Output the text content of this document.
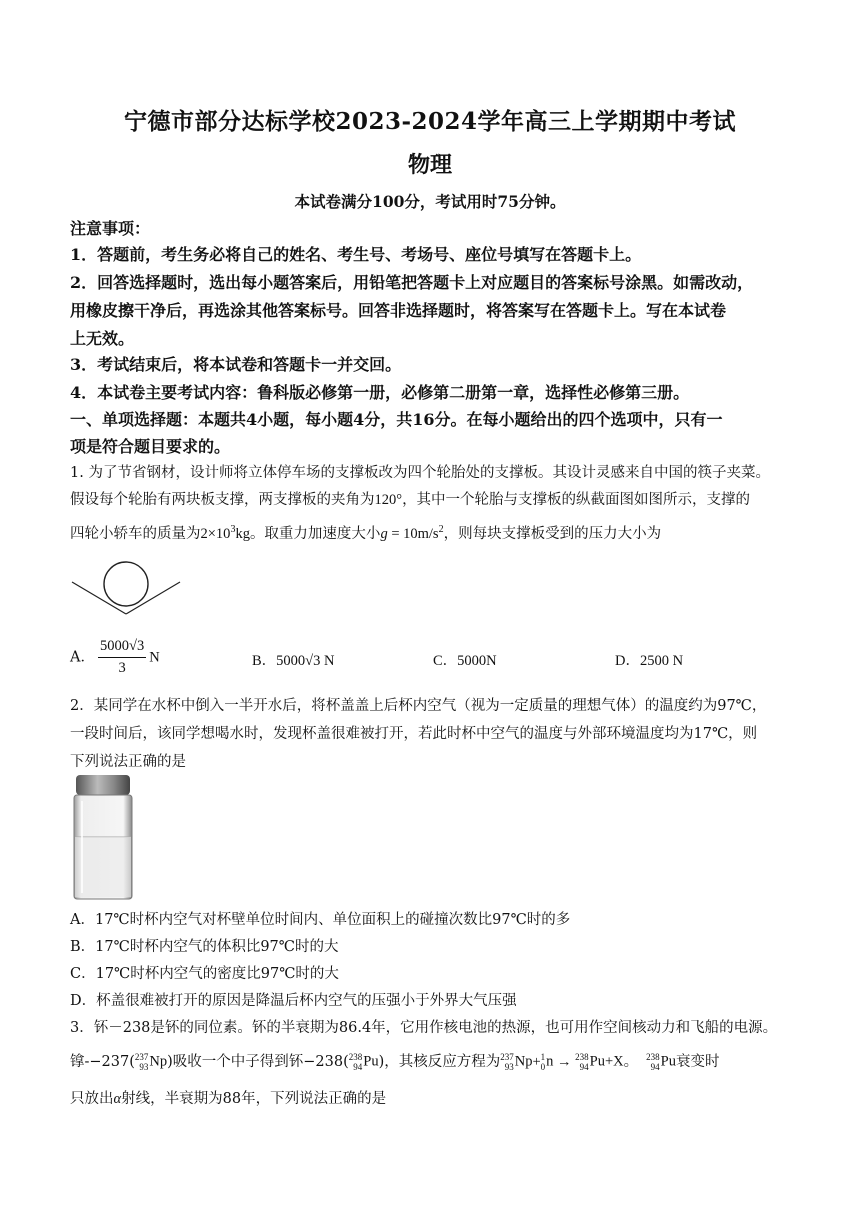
宁德市部分达标学校2023-2024学年高三上学期期中考试
物理
本试卷满分100分，考试用时75分钟。
注意事项：
1．答题前，考生务必将自己的姓名、考生号、考场号、座位号填写在答题卡上。
2．回答选择题时，选出每小题答案后，用铅笔把答题卡上对应题目的答案标号涂黑。如需改动，
用橡皮擦干净后，再选涂其他答案标号。回答非选择题时，将答案写在答题卡上。写在本试卷
上无效。
3．考试结束后，将本试卷和答题卡一并交回。
4．本试卷主要考试内容：鲁科版必修第一册，必修第二册第一章，选择性必修第三册。
一、单项选择题：本题共4小题，每小题4分，共16分。在每小题给出的四个选项中，只有一
项是符合题目要求的。
1. 为了节省钢材，设计师将立体停车场的支撑板改为四个轮胎处的支撑板。其设计灵感来自中国的筷子夹菜。
假设每个轮胎有两块板支撑，两支撑板的夹角为120°，其中一个轮胎与支撑板的纵截面图如图所示，支撑的
四轮小轿车的质量为$2\times 10^3kg$。取重力加速度大小$g = 10m/s^2$，则每块支撑板受到的压力大小为
A． $\frac{5000√3}{3}$ N	B．5000√3 N	C．5000N	D．2500 N
2．某同学在水杯中倒入一半开水后，将杯盖盖上后杯内空气（视为一定质量的理想气体）的温度约为97℃，
一段时间后，该同学想喝水时，发现杯盖很难被打开，若此时杯中空气的温度与外部环境温度均为17℃，则
下列说法正确的是
A．17℃时杯内空气对杯壁单位时间内、单位面积上的碰撞次数比97℃时的多
B．17℃时杯内空气的体积比97℃时的大
C．17℃时杯内空气的密度比97℃时的大
D．杯盖很难被打开的原因是降温后杯内空气的压强小于外界大气压强
3．钚－238是钚的同位素。钚的半衰期为86.4年，它用作核电池的热源，也可用作空间核动力和飞船的电源。
镎-−237(237
93Np)吸收一个中子得到钚−238(238
94Pu)，其核反应方程为237
93Np+1
0n → 238
94Pu+X。 238
94Pu衰变时
只放出α射线，半衰期为88年，下列说法正确的是
